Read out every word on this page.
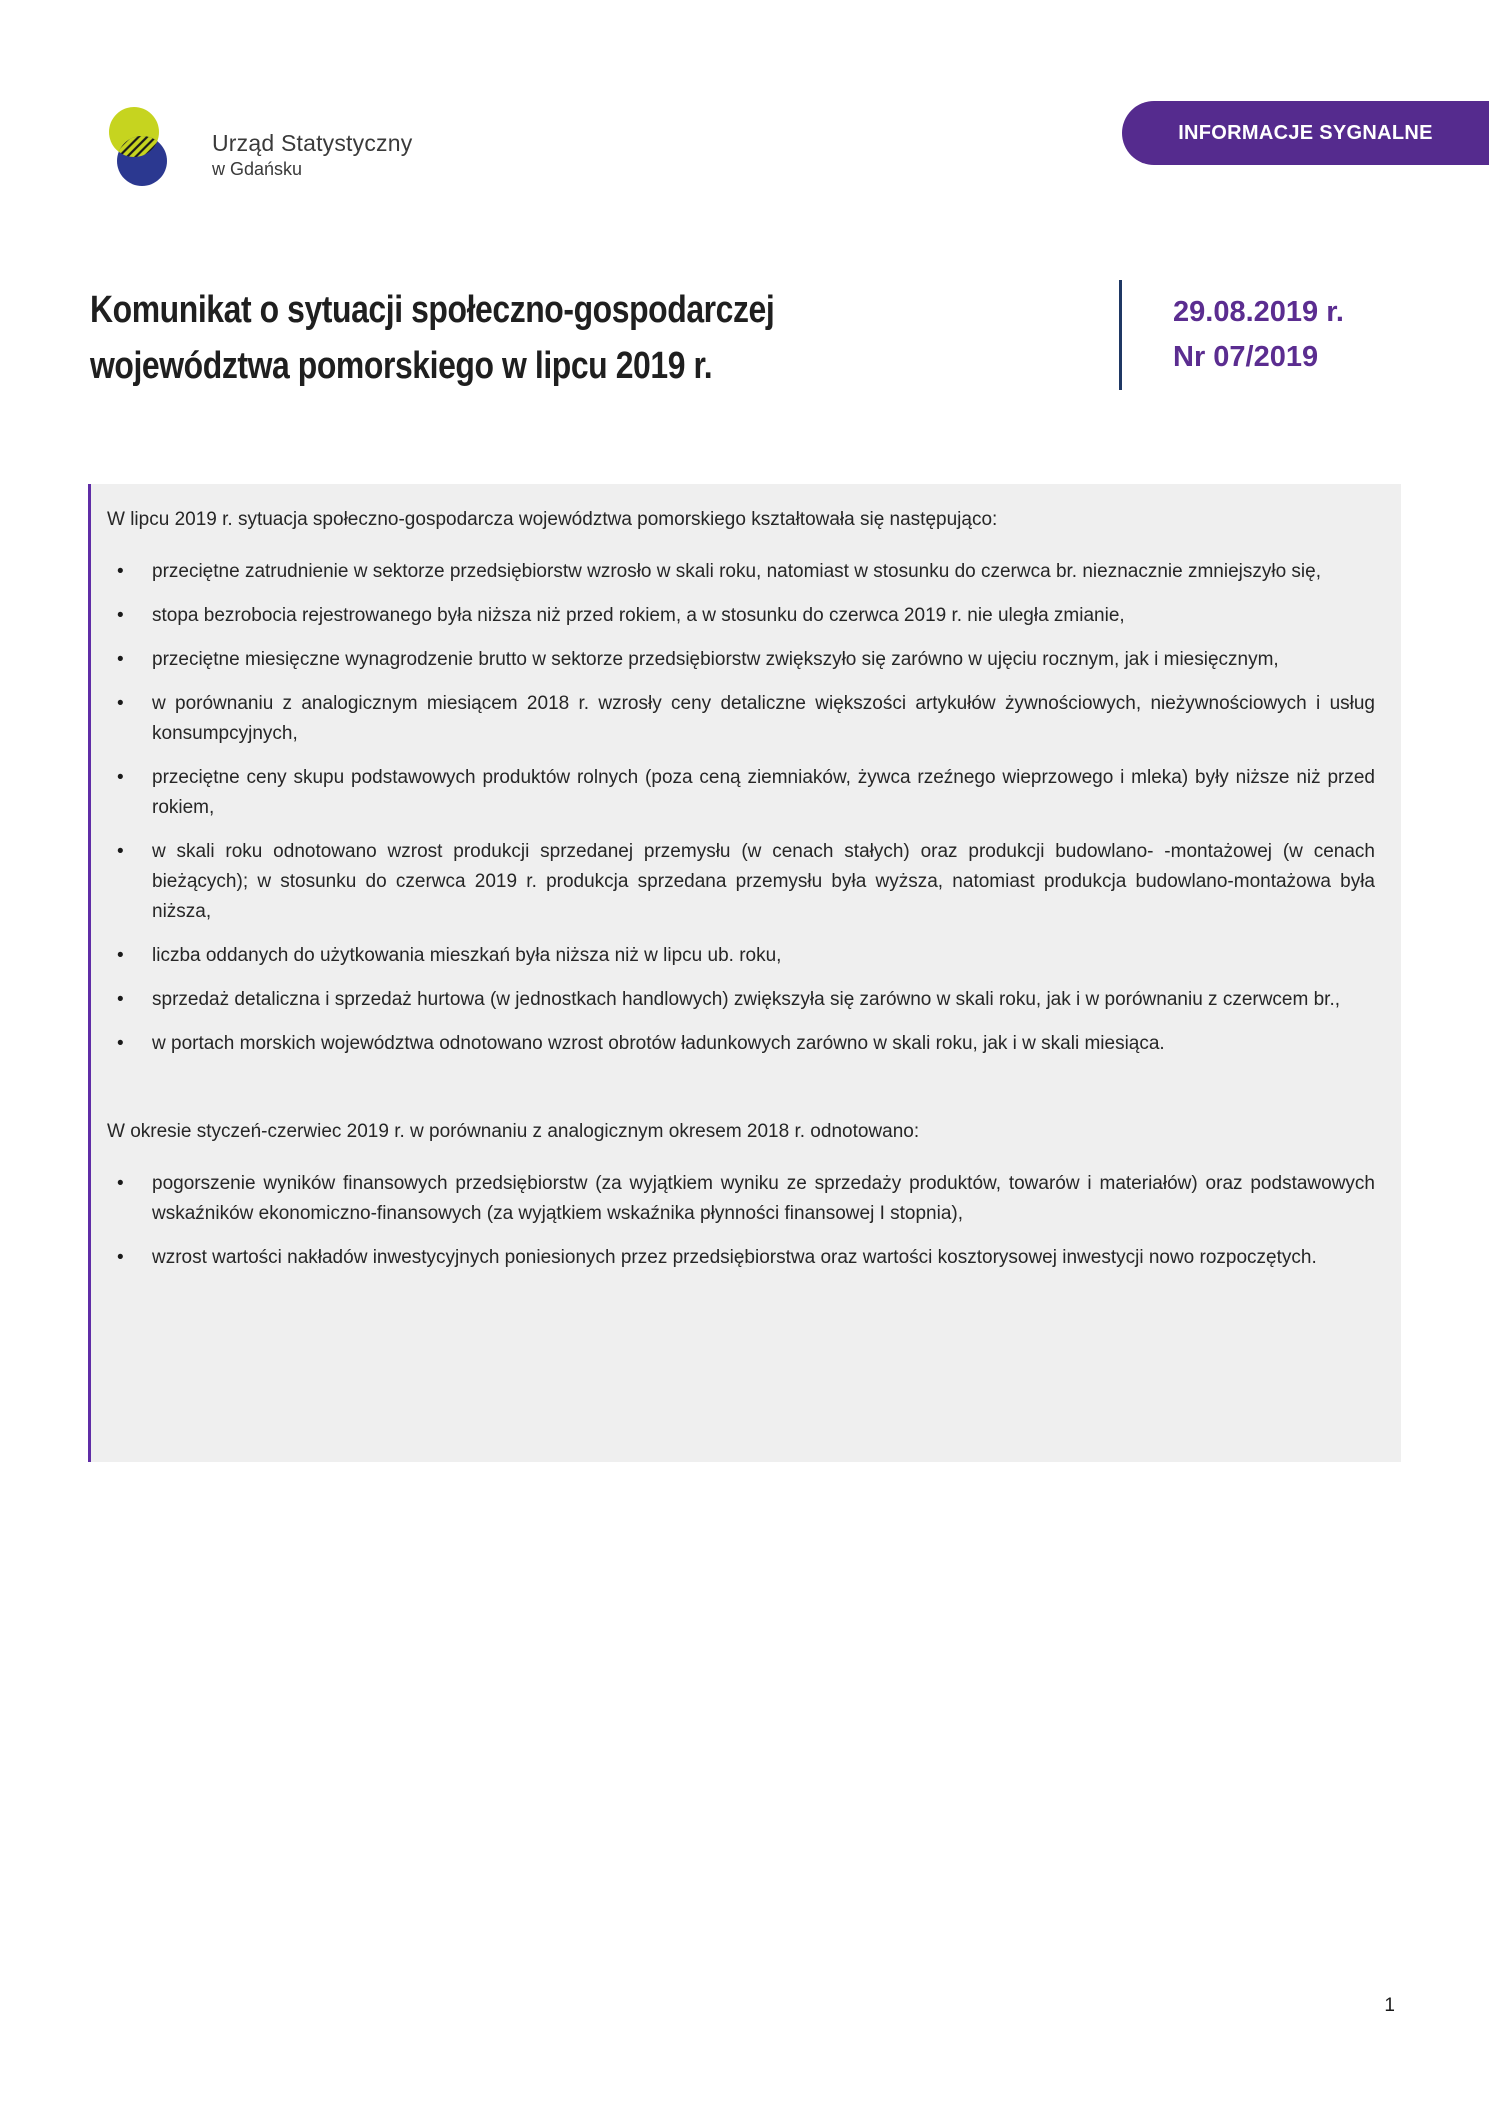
Urząd Statystyczny
w Gdańsku
INFORMACJE SYGNALNE
Komunikat o sytuacji społeczno-gospodarczej
województwa pomorskiego w lipcu 2019 r.
29.08.2019 r.
Nr 07/2019

W lipcu 2019 r. sytuacja społeczno-gospodarcza województwa pomorskiego kształtowała się następująco:

•	przeciętne zatrudnienie w sektorze przedsiębiorstw wzrosło w skali roku, natomiast w stosunku do czerwca br. nieznacznie zmniejszyło się,
•	stopa bezrobocia rejestrowanego była niższa niż przed rokiem, a w stosunku do czerwca 2019 r. nie uległa zmianie,
•	przeciętne miesięczne wynagrodzenie brutto w sektorze przedsiębiorstw zwiększyło się zarówno w ujęciu rocznym, jak i miesięcznym,
•	w porównaniu z analogicznym miesiącem 2018 r. wzrosły ceny detaliczne większości artykułów żywnościowych, nieżywnościowych i usług konsumpcyjnych,
•	przeciętne ceny skupu podstawowych produktów rolnych (poza ceną ziemniaków, żywca rzeźnego wieprzowego i mleka) były niższe niż przed rokiem,
•	w skali roku odnotowano wzrost produkcji sprzedanej przemysłu (w cenach stałych) oraz produkcji budowlano- -montażowej (w cenach bieżących); w stosunku do czerwca 2019 r. produkcja sprzedana przemysłu była wyższa, natomiast produkcja budowlano-montażowa była niższa,
•	liczba oddanych do użytkowania mieszkań była niższa niż w lipcu ub. roku,
•	sprzedaż detaliczna i sprzedaż hurtowa (w jednostkach handlowych) zwiększyła się zarówno w skali roku, jak i w porównaniu z czerwcem br.,
•	w portach morskich województwa odnotowano wzrost obrotów ładunkowych zarówno w skali roku, jak i w skali miesiąca.

W okresie styczeń-czerwiec 2019 r. w porównaniu z analogicznym okresem 2018 r. odnotowano:

•	pogorszenie wyników finansowych przedsiębiorstw (za wyjątkiem wyniku ze sprzedaży produktów, towarów i materiałów) oraz podstawowych wskaźników ekonomiczno-finansowych (za wyjątkiem wskaźnika płynności finansowej I stopnia),
•	wzrost wartości nakładów inwestycyjnych poniesionych przez przedsiębiorstwa oraz wartości kosztorysowej inwestycji nowo rozpoczętych.
1
